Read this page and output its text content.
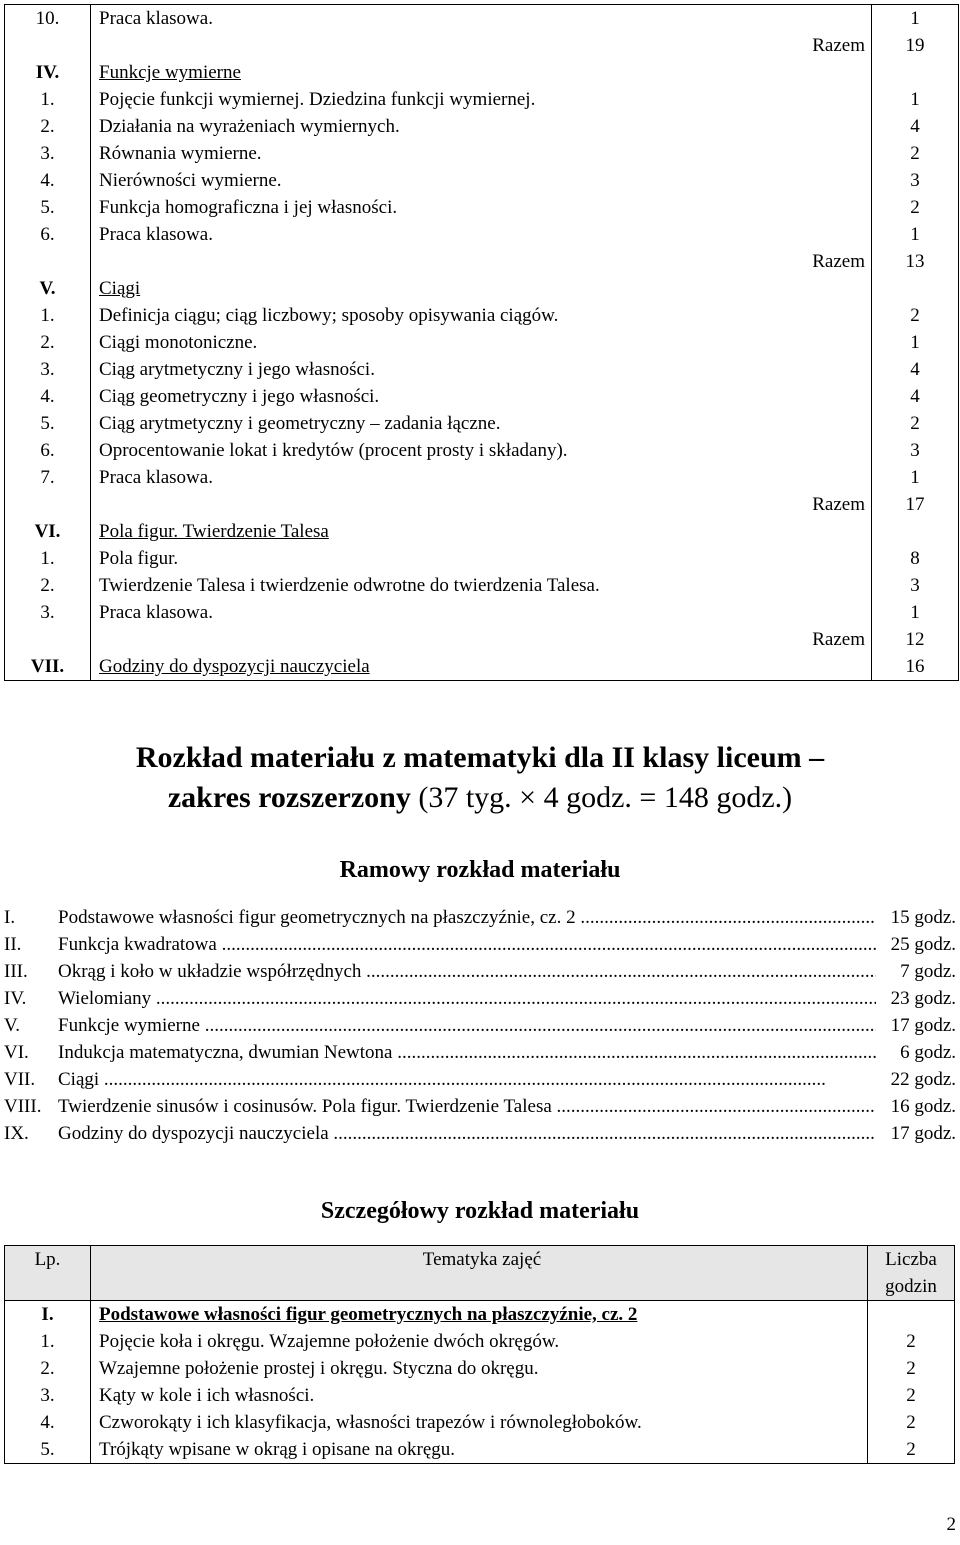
10.	Praca klasowa.	1
	Razem	19
IV.	Funkcje wymierne	
1.	Pojęcie funkcji wymiernej. Dziedzina funkcji wymiernej.	1
2.	Działania na wyrażeniach wymiernych.	4
3.	Równania wymierne.	2
4.	Nierówności wymierne.	3
5.	Funkcja homograficzna i jej własności.	2
6.	Praca klasowa.	1
	Razem	13
V.	Ciągi	
1.	Definicja ciągu; ciąg liczbowy; sposoby opisywania ciągów.	2
2.	Ciągi monotoniczne.	1
3.	Ciąg arytmetyczny i jego własności.	4
4.	Ciąg geometryczny i jego własności.	4
5.	Ciąg arytmetyczny i geometryczny – zadania łączne.	2
6.	Oprocentowanie lokat i kredytów (procent prosty i składany).	3
7.	Praca klasowa.	1
	Razem	17
VI.	Pola figur. Twierdzenie Talesa	
1.	Pola figur.	8
2.	Twierdzenie Talesa i twierdzenie odwrotne do twierdzenia Talesa.	3
3.	Praca klasowa.	1
	Razem	12
VII.	Godziny do dyspozycji nauczyciela	16
Rozkład materiału z matematyki dla II klasy liceum –
zakres rozszerzony (37 tyg. × 4 godz. = 148 godz.)
Ramowy rozkład materiału
I. Podstawowe własności figur geometrycznych na płaszczyźnie, cz. 2 .....	15 godz.
II. Funkcja kwadratowa .....	25 godz.
III. Okrąg i koło w układzie współrzędnych .....	7 godz.
IV. Wielomiany .....	23 godz.
V. Funkcje wymierne .....	17 godz.
VI. Indukcja matematyczna, dwumian Newtona .....	6 godz.
VII. Ciągi .....	22 godz.
VIII. Twierdzenie sinusów i cosinusów. Pola figur. Twierdzenie Talesa .....	16 godz.
IX. Godziny do dyspozycji nauczyciela .....	17 godz.
Szczegółowy rozkład materiału
Lp.	Tematyka zajęć	Liczba
godzin
I.	Podstawowe własności figur geometrycznych na płaszczyźnie, cz. 2	
1.	Pojęcie koła i okręgu. Wzajemne położenie dwóch okręgów.	2
2.	Wzajemne położenie prostej i okręgu. Styczna do okręgu.	2
3.	Kąty w kole i ich własności.	2
4.	Czworokąty i ich klasyfikacja, własności trapezów i równoległoboków.	2
5.	Trójkąty wpisane w okrąg i opisane na okręgu.	2
2
